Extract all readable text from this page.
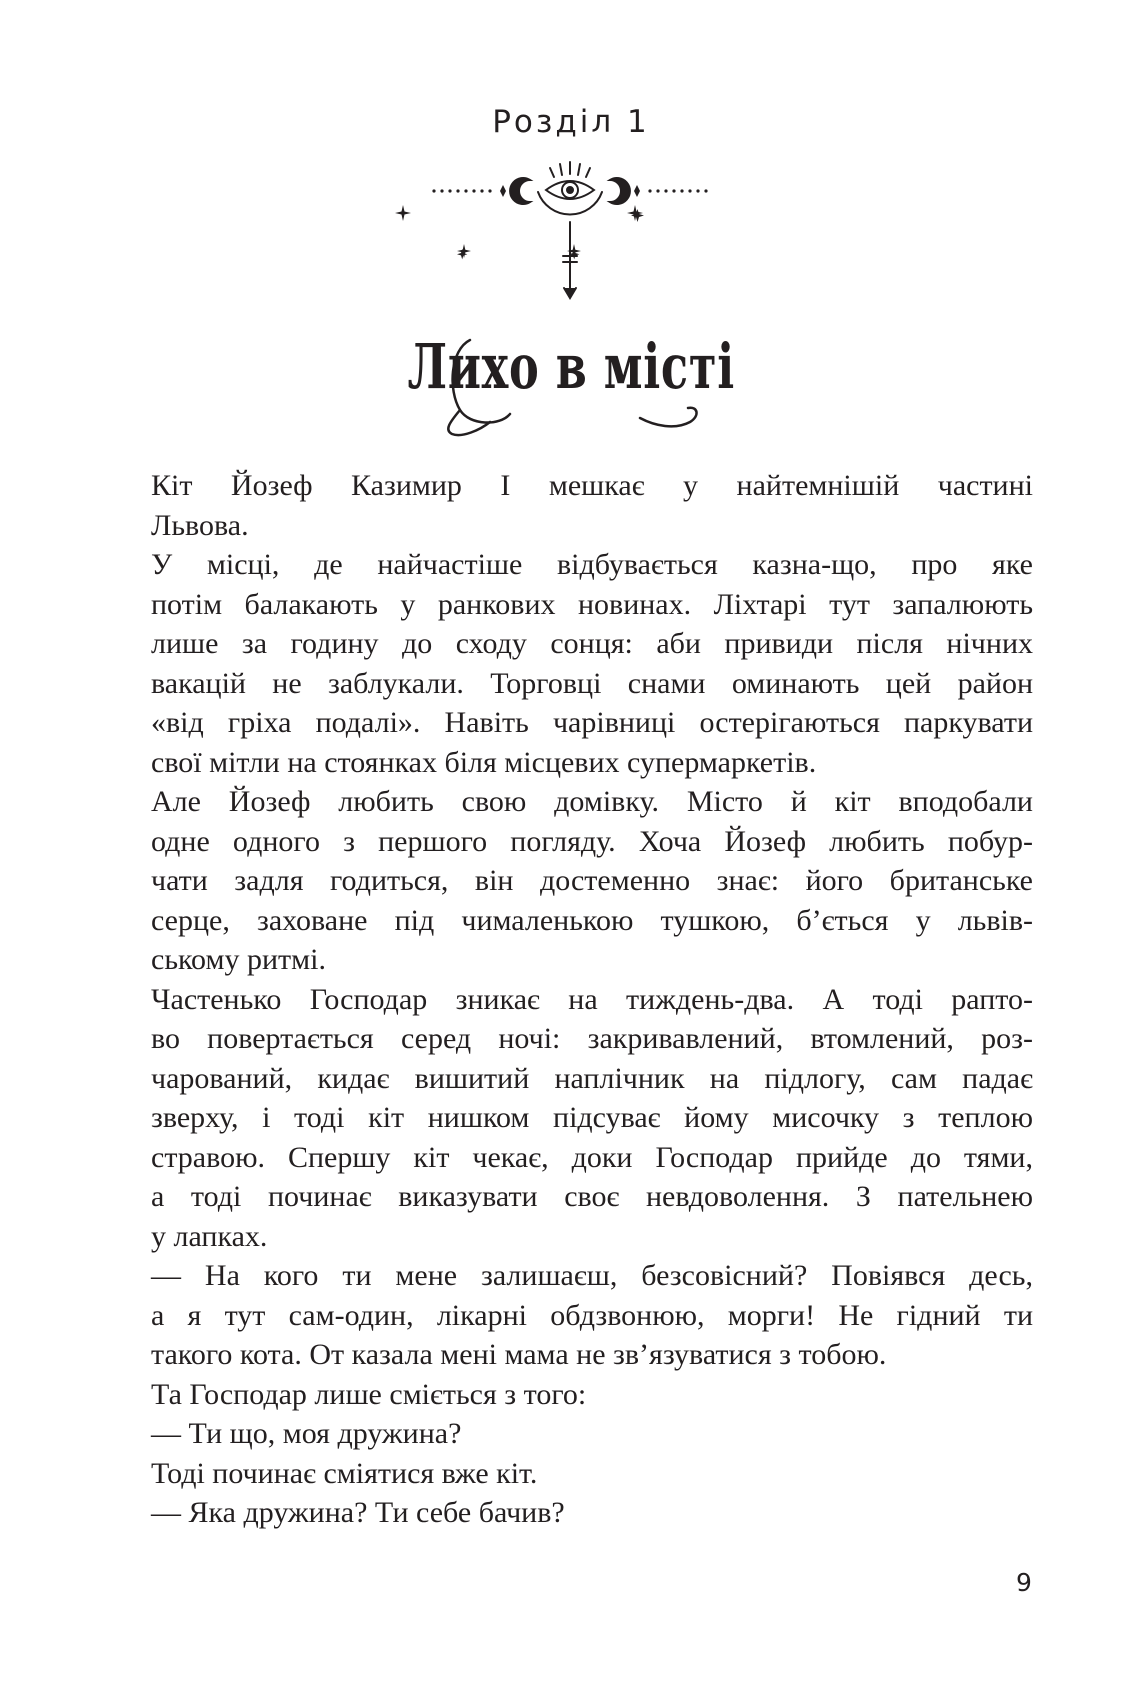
Розділ 1
Лихо в місті

Кіт Йозеф Казимир І мешкає у найтемнішій частині
Львова.

У місці, де найчастіше відбувається казна-що, про яке
потім балакають у ранкових новинах. Ліхтарі тут запалюють
лише за годину до сходу сонця: аби привиди після нічних
вакацій не заблукали. Торговці снами оминають цей район
«від гріха подалі». Навіть чарівниці остерігаються паркувати
свої мітли на стоянках біля місцевих супермаркетів.

Але Йозеф любить свою домівку. Місто й кіт вподобали
одне одного з першого погляду. Хоча Йозеф любить побур-
чати задля годиться, він достеменно знає: його британське
серце, заховане під чималенькою тушкою, б’ється у львів-
ському ритмі.

Частенько Господар зникає на тиждень-два. А тоді рапто-
во повертається серед ночі: закривавлений, втомлений, роз-
чарований, кидає вишитий наплічник на підлогу, сам падає
зверху, і тоді кіт нишком підсуває йому мисочку з теплою
стравою. Спершу кіт чекає, доки Господар прийде до тями,
а тоді починає виказувати своє невдоволення. З пательнею
у лапках.

— На кого ти мене залишаєш, безсовісний? Повіявся десь,
а я тут сам-один, лікарні обдзвонюю, морги! Не гідний ти
такого кота. От казала мені мама не зв’язуватися з тобою.

Та Господар лише сміється з того:

— Ти що, моя дружина?

Тоді починає сміятися вже кіт.

— Яка дружина? Ти себе бачив?

9
